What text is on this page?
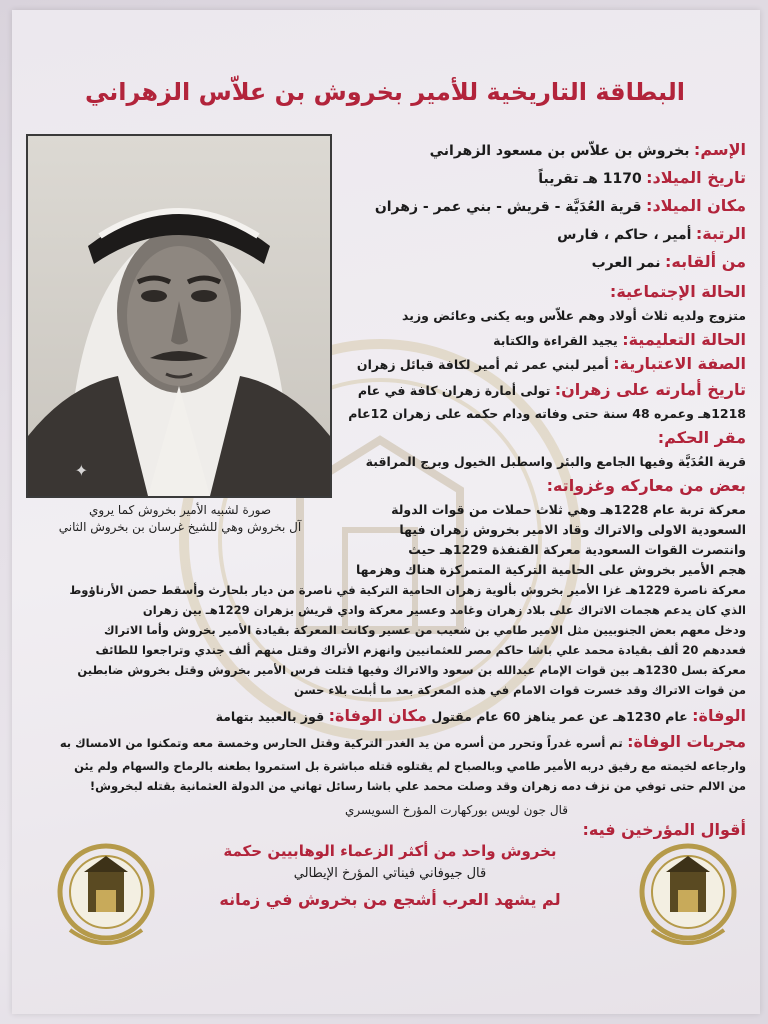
البطاقة التاريخية للأمير بخروش بن علاّس الزهراني
✦
صورة لشبيه الأمير بخروش كما يروي
آل بخروش وهي للشيخ غرسان بن بخروش الثاني
الإسم: بخروش بن علاّس بن مسعود الزهراني
تاريخ الميلاد: 1170 هـ تقريباً
مكان الميلاد: قرية العُدَيَّة - قريش - بني عمر - زهران
الرتبة: أمير ، حاكم ، فارس
من ألقابه: نمر العرب
الحالة الإجتماعية:
متزوج ولديه ثلاث أولاد وهم علاّس وبه يكنى وعائض وزيد
الحالة التعليمية: يجيد القراءة والكتابة
الصفة الاعتبارية: أمير لبني عمر ثم أمير لكافة قبائل زهران
تاريخ أمارته على زهران: تولى أمارة زهران كافة في عام
1218هـ وعمره 48 سنة حتى وفاته ودام حكمه على زهران 12عام
مقر الحكم:
قرية العُدَيَّة وفيها الجامع والبئر واسطبل الخيول وبرج المراقبة
بعض من معاركه وغزواته:
معركة تربة عام 1228هـ وهي ثلاث حملات من قوات الدولة
السعودية الاولى والاتراك وقاد الامير بخروش زهران فيها
وانتصرت القوات السعودية معركة القنفذة 1229هـ حيث
هجم الأمير بخروش على الحامية التركية المتمركزة هناك وهزمها
معركة ناصرة 1229هـ غزا الأمير بخروش بألوية زهران الحامية التركية في ناصرة من ديار بلحارث وأسقط حصن الأرناؤوط
الذي كان يدعم هجمات الاتراك على بلاد زهران وغامد وعسير معركة وادي قريش بزهران 1229هـ بين زهران
ودخل معهم بعض الجنوبيين مثل الامير طامي بن شعيب من عسير وكانت المعركة بقيادة الأمير بخروش وأما الاتراك
فعددهم 20 ألف بقيادة محمد علي باشا حاكم مصر للعثمانيين وانهزم الأتراك وقتل منهم ألف جندي وتراجعوا للطائف
معركة بسل 1230هـ بين قوات الإمام عبدالله بن سعود والاتراك وفيها قتلت فرس الأمير بخروش وقتل بخروش ضابطين
من قوات الاتراك وقد خسرت قوات الامام في هذه المعركة بعد ما أبلت بلاء حسن
الوفاة: عام 1230هـ عن عمر يناهز 60 عام مقتول مكان الوفاة: قوز بالعبيد بتهامة
مجريات الوفاة: تم أسره غدراً وتحرر من أسره من يد الغدر التركية وقتل الحارس وخمسة معه وتمكنوا من الامساك به
وارجاعه لخيمته مع رفيق دربه الأمير طامي وبالصباح لم يقتلوه قتله مباشرة بل استمروا بطعنه بالرماح والسهام ولم يئن
من الالم حتى توفي من نزف دمه زهران وقد وصلت محمد علي باشا رسائل تهاني من الدولة العثمانية بقتله لبخروش!
قال جون لويس بوركهارت المؤرخ السويسري
أقوال المؤرخين فيه:
بخروش واحد من أكثر الزعماء الوهابيين حكمة
قال جيوفاني فيناتي المؤرخ الإيطالي
لم يشهد العرب أشجع من بخروش في زمانه
